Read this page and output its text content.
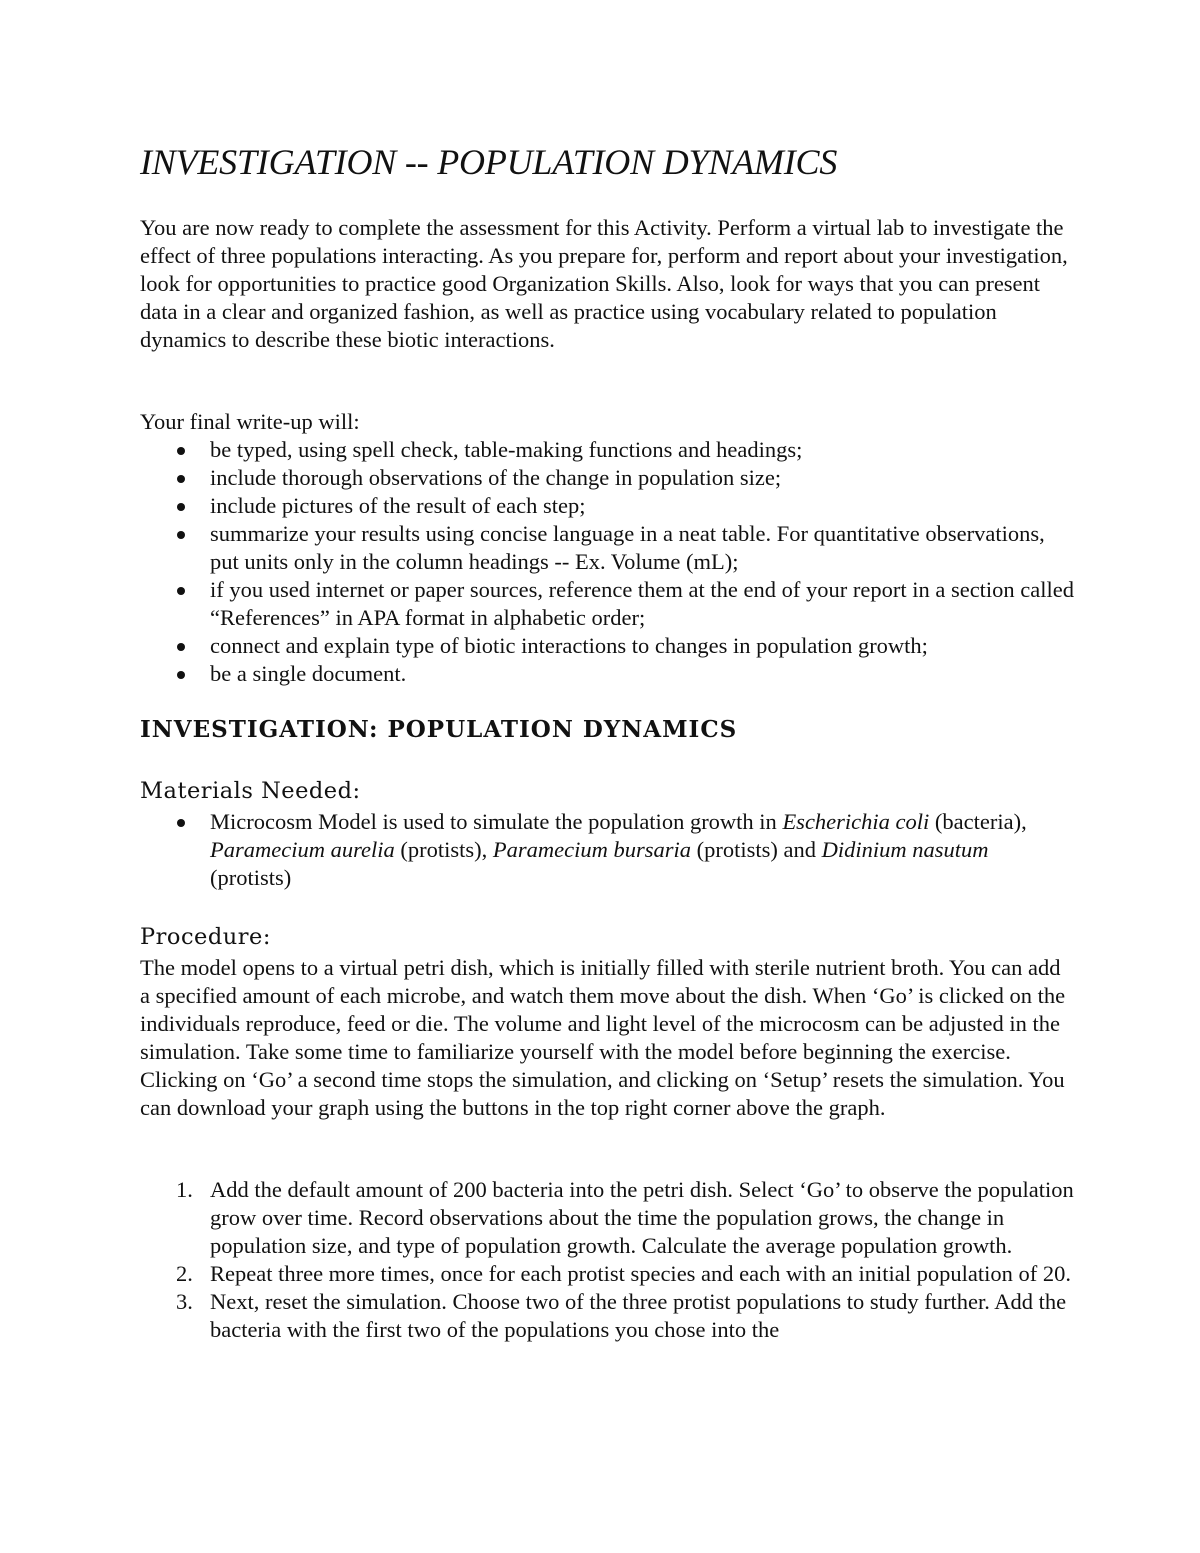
INVESTIGATION -- POPULATION DYNAMICS

You are now ready to complete the assessment for this Activity. Perform a virtual lab to investigate the effect of three populations interacting. As you prepare for, perform and report about your investigation, look for opportunities to practice good Organization Skills. Also, look for ways that you can present data in a clear and organized fashion, as well as practice using vocabulary related to population dynamics to describe these biotic interactions.

Your final write-up will:

be typed, using spell check, table-making functions and headings;
include thorough observations of the change in population size;
include pictures of the result of each step;
summarize your results using concise language in a neat table. For quantitative observations, put units only in the column headings -- Ex. Volume (mL);
if you used internet or paper sources, reference them at the end of your report in a section called “References” in APA format in alphabetic order;
connect and explain type of biotic interactions to changes in population growth;
be a single document.
INVESTIGATION: POPULATION DYNAMICS
Materials Needed:
Microcosm Model is used to simulate the population growth in Escherichia coli (bacteria), Paramecium aurelia (protists), Paramecium bursaria (protists) and Didinium nasutum (protists)
Procedure:

The model opens to a virtual petri dish, which is initially filled with sterile nutrient broth. You can add a specified amount of each microbe, and watch them move about the dish. When ‘Go’ is clicked on the individuals reproduce, feed or die. The volume and light level of the microcosm can be adjusted in the simulation. Take some time to familiarize yourself with the model before beginning the exercise. Clicking on ‘Go’ a second time stops the simulation, and clicking on ‘Setup’ resets the simulation. You can download your graph using the buttons in the top right corner above the graph.

1. Add the default amount of 200 bacteria into the petri dish. Select ‘Go’ to observe the population grow over time. Record observations about the time the population grows, the change in population size, and type of population growth. Calculate the average population growth.
2. Repeat three more times, once for each protist species and each with an initial population of 20.
3. Next, reset the simulation. Choose two of the three protist populations to study further. Add the bacteria with the first two of the populations you chose into the
